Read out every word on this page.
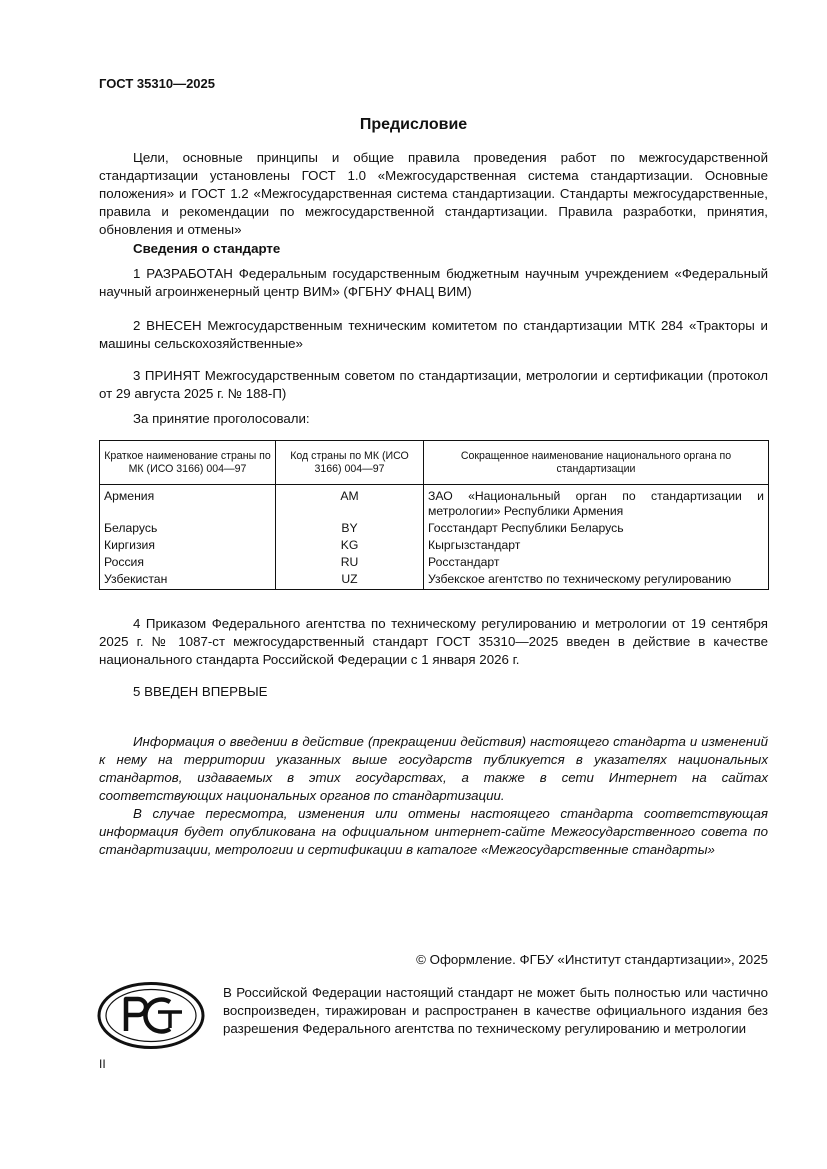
ГОСТ 35310—2025
Предисловие
Цели, основные принципы и общие правила проведения работ по межгосударственной стандартизации установлены ГОСТ 1.0 «Межгосударственная система стандартизации. Основные положения» и ГОСТ 1.2 «Межгосударственная система стандартизации. Стандарты межгосударственные, правила и рекомендации по межгосударственной стандартизации. Правила разработки, принятия, обновления и отмены»
Сведения о стандарте
1 РАЗРАБОТАН Федеральным государственным бюджетным научным учреждением «Федеральный научный агроинженерный центр ВИМ» (ФГБНУ ФНАЦ ВИМ)
2 ВНЕСЕН Межгосударственным техническим комитетом по стандартизации МТК 284 «Тракторы и машины сельскохозяйственные»
3 ПРИНЯТ Межгосударственным советом по стандартизации, метрологии и сертификации (протокол от 29 августа 2025 г. № 188-П)
За принятие проголосовали:
Краткое наименование страны по МК (ИСО 3166) 004—97	Код страны по МК (ИСО 3166) 004—97	Сокращенное наименование национального органа по стандартизации
Армения	AM	ЗАО «Национальный орган по стандартизации и метрологии» Республики Армения
Беларусь	BY	Госстандарт Республики Беларусь
Киргизия	KG	Кыргызстандарт
Россия	RU	Росстандарт
Узбекистан	UZ	Узбекское агентство по техническому регулированию
4 Приказом Федерального агентства по техническому регулированию и метрологии от 19 сентября 2025 г. № 1087-ст межгосударственный стандарт ГОСТ 35310—2025 введен в действие в качестве национального стандарта Российской Федерации с 1 января 2026 г.
5 ВВЕДЕН ВПЕРВЫЕ
Информация о введении в действие (прекращении действия) настоящего стандарта и изменений к нему на территории указанных выше государств публикуется в указателях национальных стандартов, издаваемых в этих государствах, а также в сети Интернет на сайтах соответствующих национальных органов по стандартизации.
В случае пересмотра, изменения или отмены настоящего стандарта соответствующая информация будет опубликована на официальном интернет-сайте Межгосударственного совета по стандартизации, метрологии и сертификации в каталоге «Межгосударственные стандарты»
© Оформление. ФГБУ «Институт стандартизации», 2025
В Российской Федерации настоящий стандарт не может быть полностью или частично воспроизведен, тиражирован и распространен в качестве официального издания без разрешения Федерального агентства по техническому регулированию и метрологии
II
